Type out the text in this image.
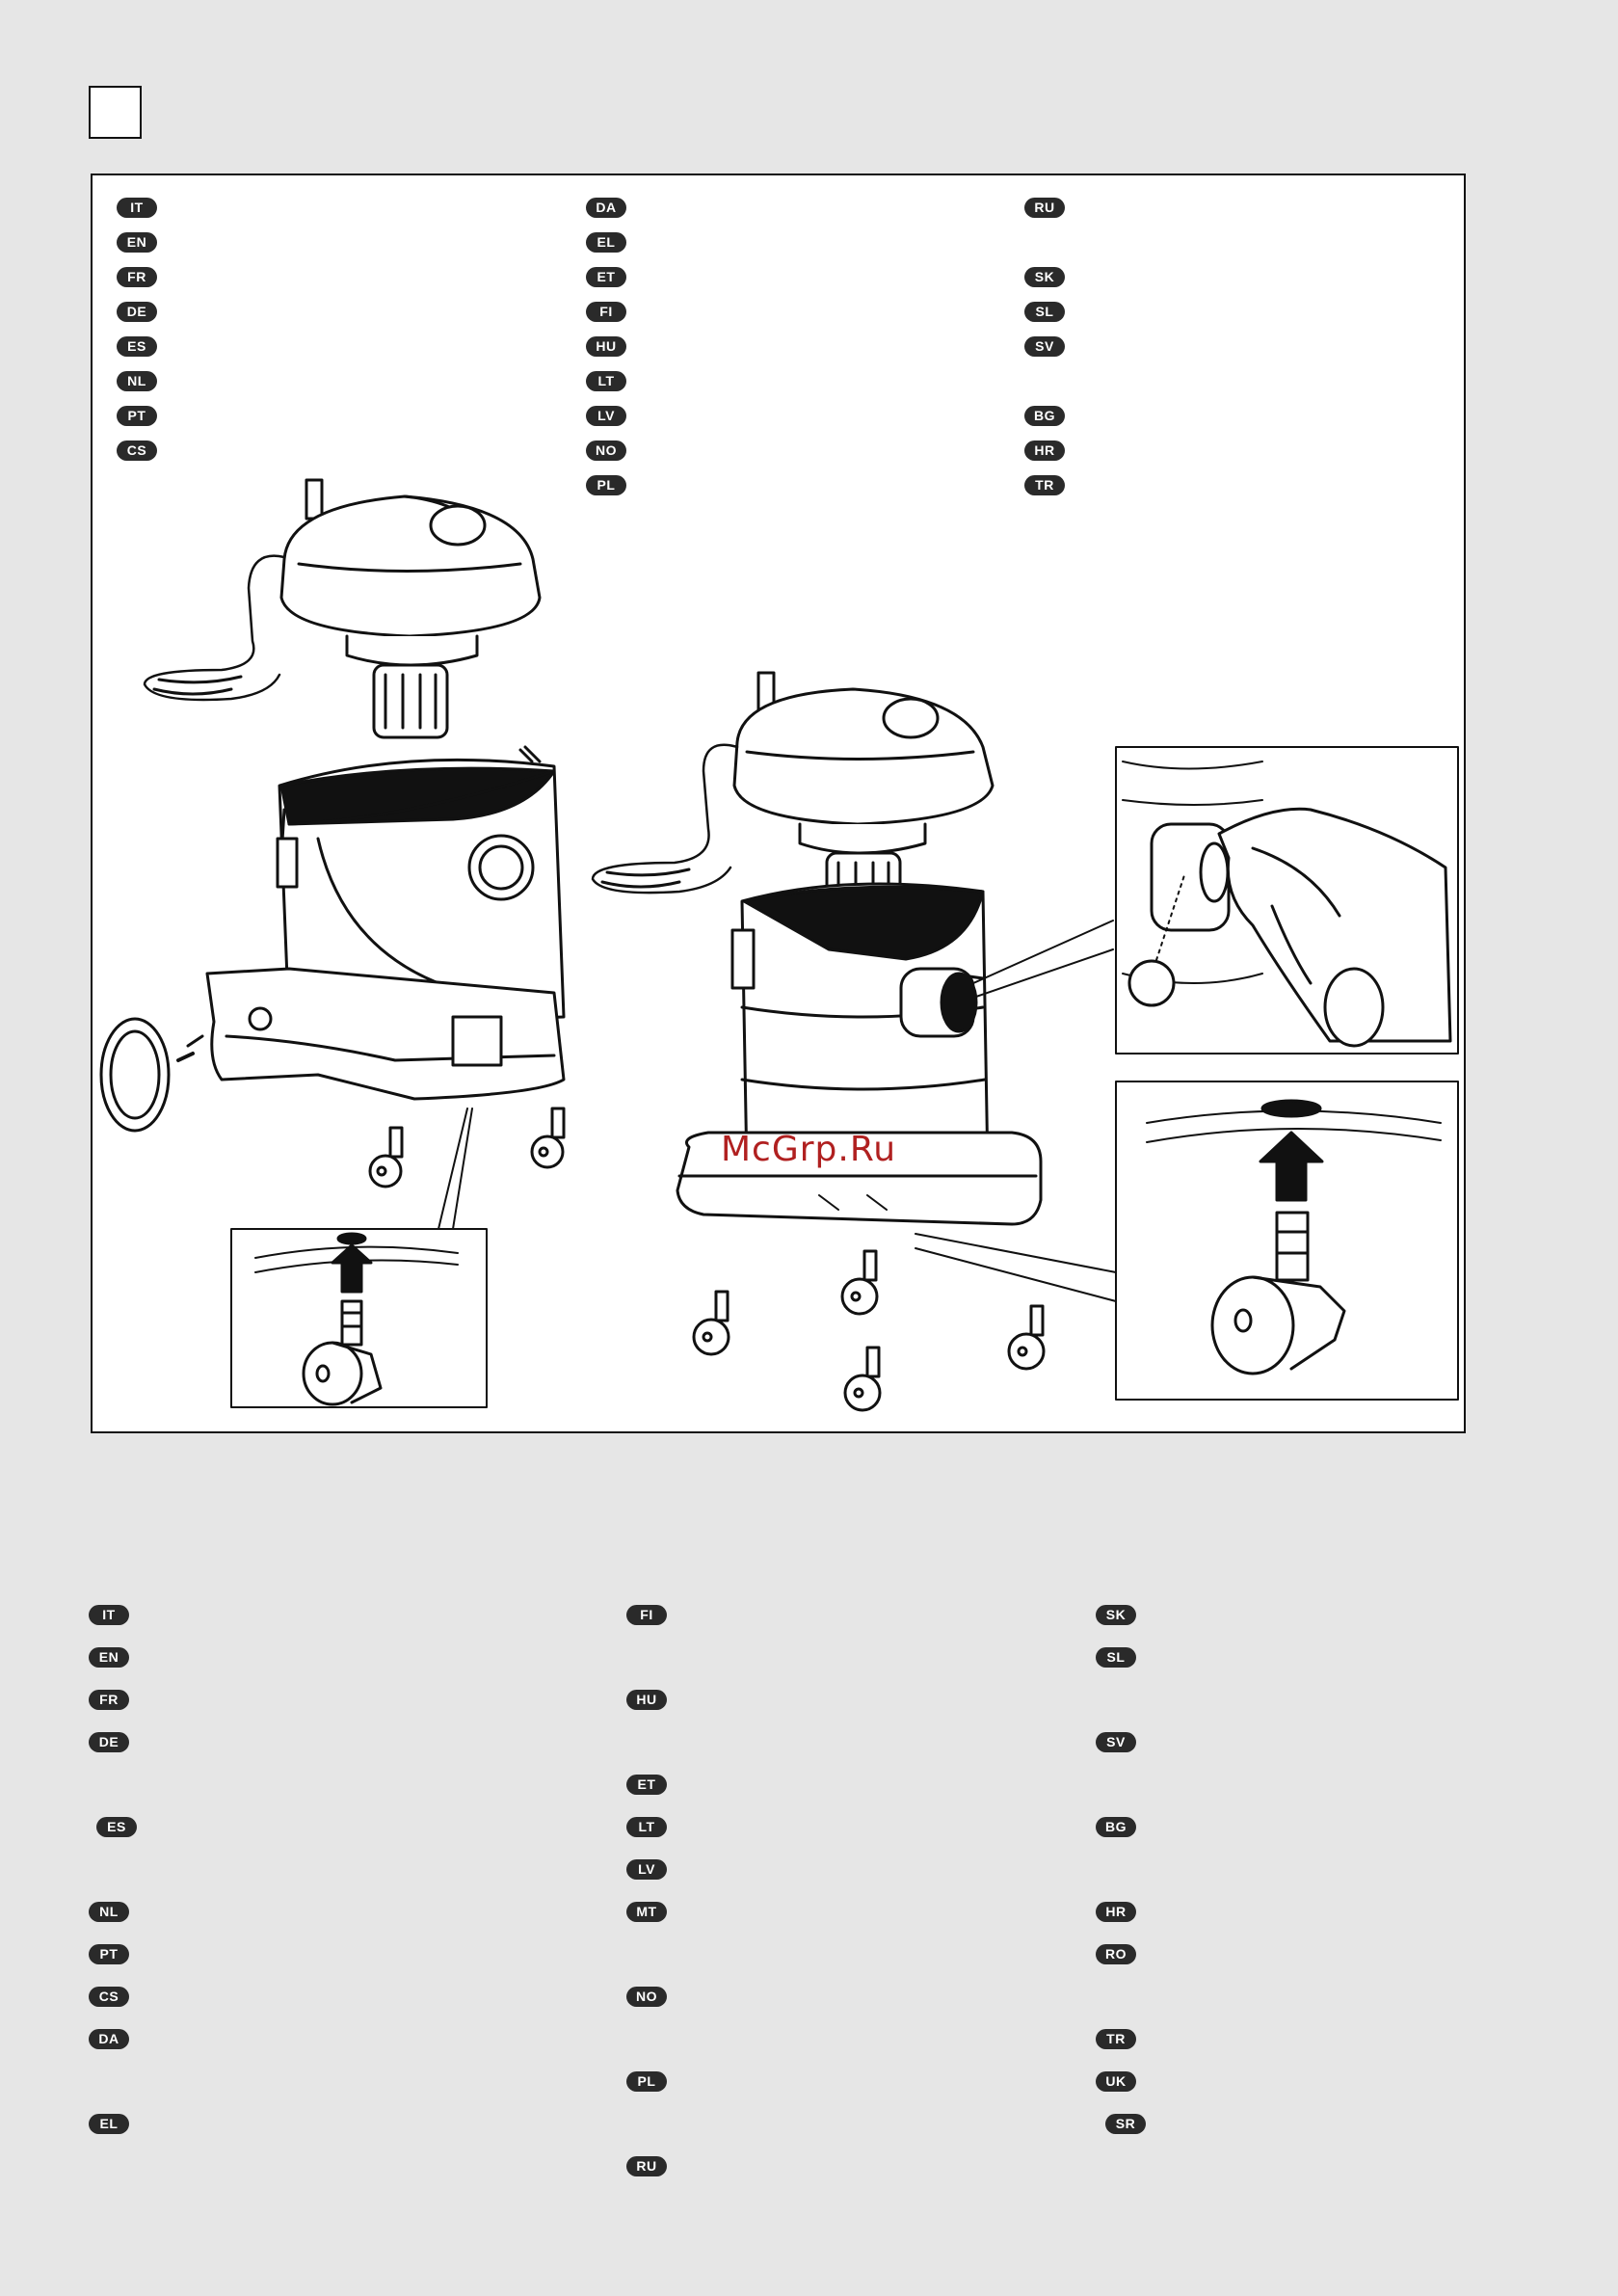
IT
EN
FR
DE
ES
NL
PT
CS
DA
EL
ET
FI
HU
LT
LV
NO
PL
RU
SK
SL
SV
BG
HR
TR
McGrp.Ru
IT
EN
FR
DE
ES
NL
PT
CS
DA
EL
FI
HU
ET
LT
LV
MT
NO
PL
RU
SK
SL
SV
BG
HR
RO
TR
UK
SR
